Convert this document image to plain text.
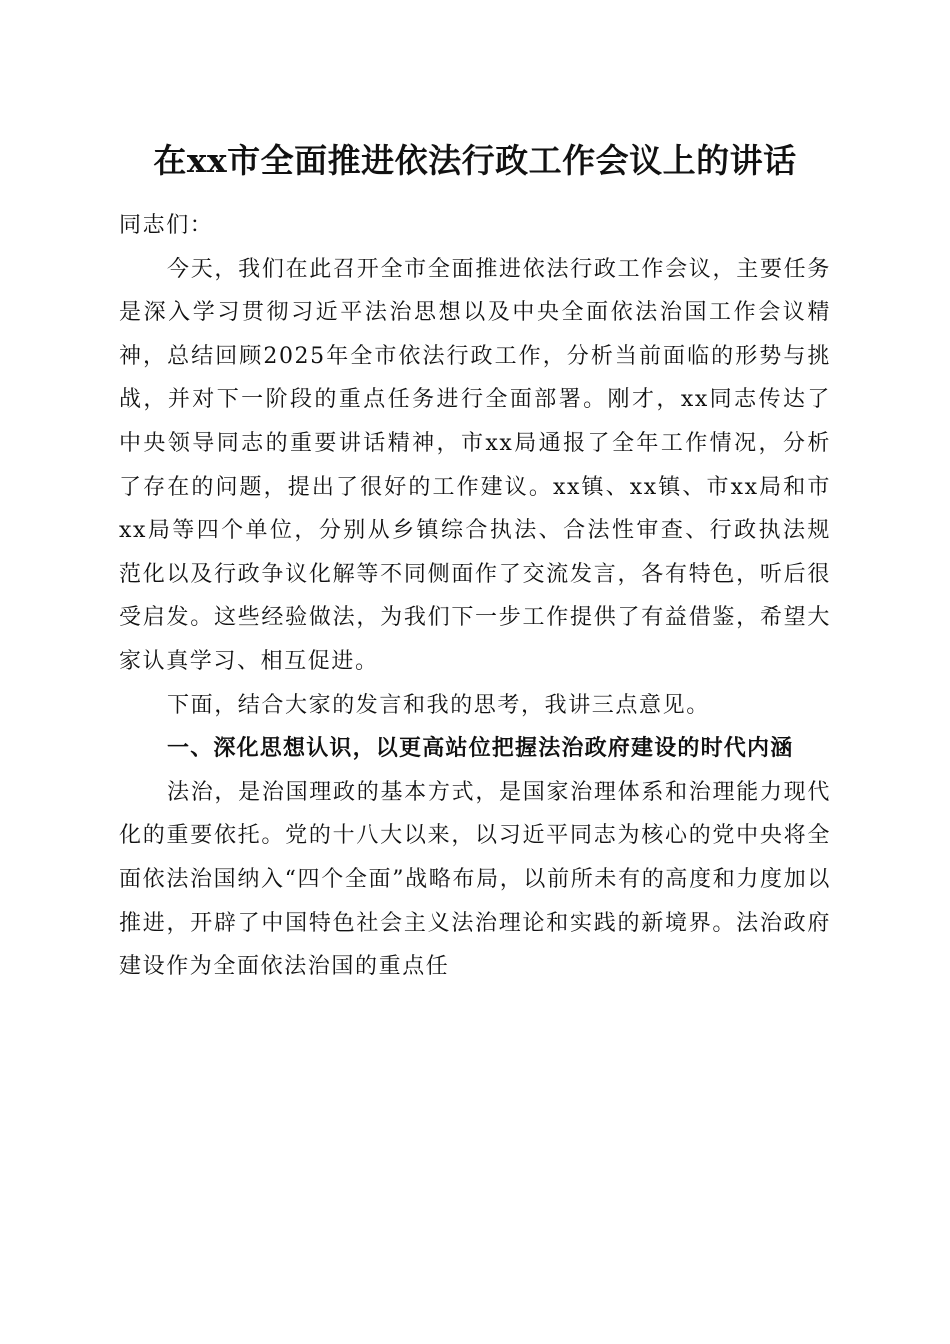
在xx市全面推进依法行政工作会议上的讲话

同志们：

今天，我们在此召开全市全面推进依法行政工作会议，主要任务是深入学习贯彻习近平法治思想以及中央全面依法治国工作会议精神，总结回顾2025年全市依法行政工作，分析当前面临的形势与挑战，并对下一阶段的重点任务进行全面部署。刚才，xx同志传达了中央领导同志的重要讲话精神，市xx局通报了全年工作情况，分析了存在的问题，提出了很好的工作建议。xx镇、xx镇、市xx局和市xx局等四个单位，分别从乡镇综合执法、合法性审查、行政执法规范化以及行政争议化解等不同侧面作了交流发言，各有特色，听后很受启发。这些经验做法，为我们下一步工作提供了有益借鉴，希望大家认真学习、相互促进。

下面，结合大家的发言和我的思考，我讲三点意见。

一、深化思想认识，以更高站位把握法治政府建设的时代内涵

法治，是治国理政的基本方式，是国家治理体系和治理能力现代化的重要依托。党的十八大以来，以习近平同志为核心的党中央将全面依法治国纳入“四个全面”战略布局，以前所未有的高度和力度加以推进，开辟了中国特色社会主义法治理论和实践的新境界。法治政府建设作为全面依法治国的重点任
